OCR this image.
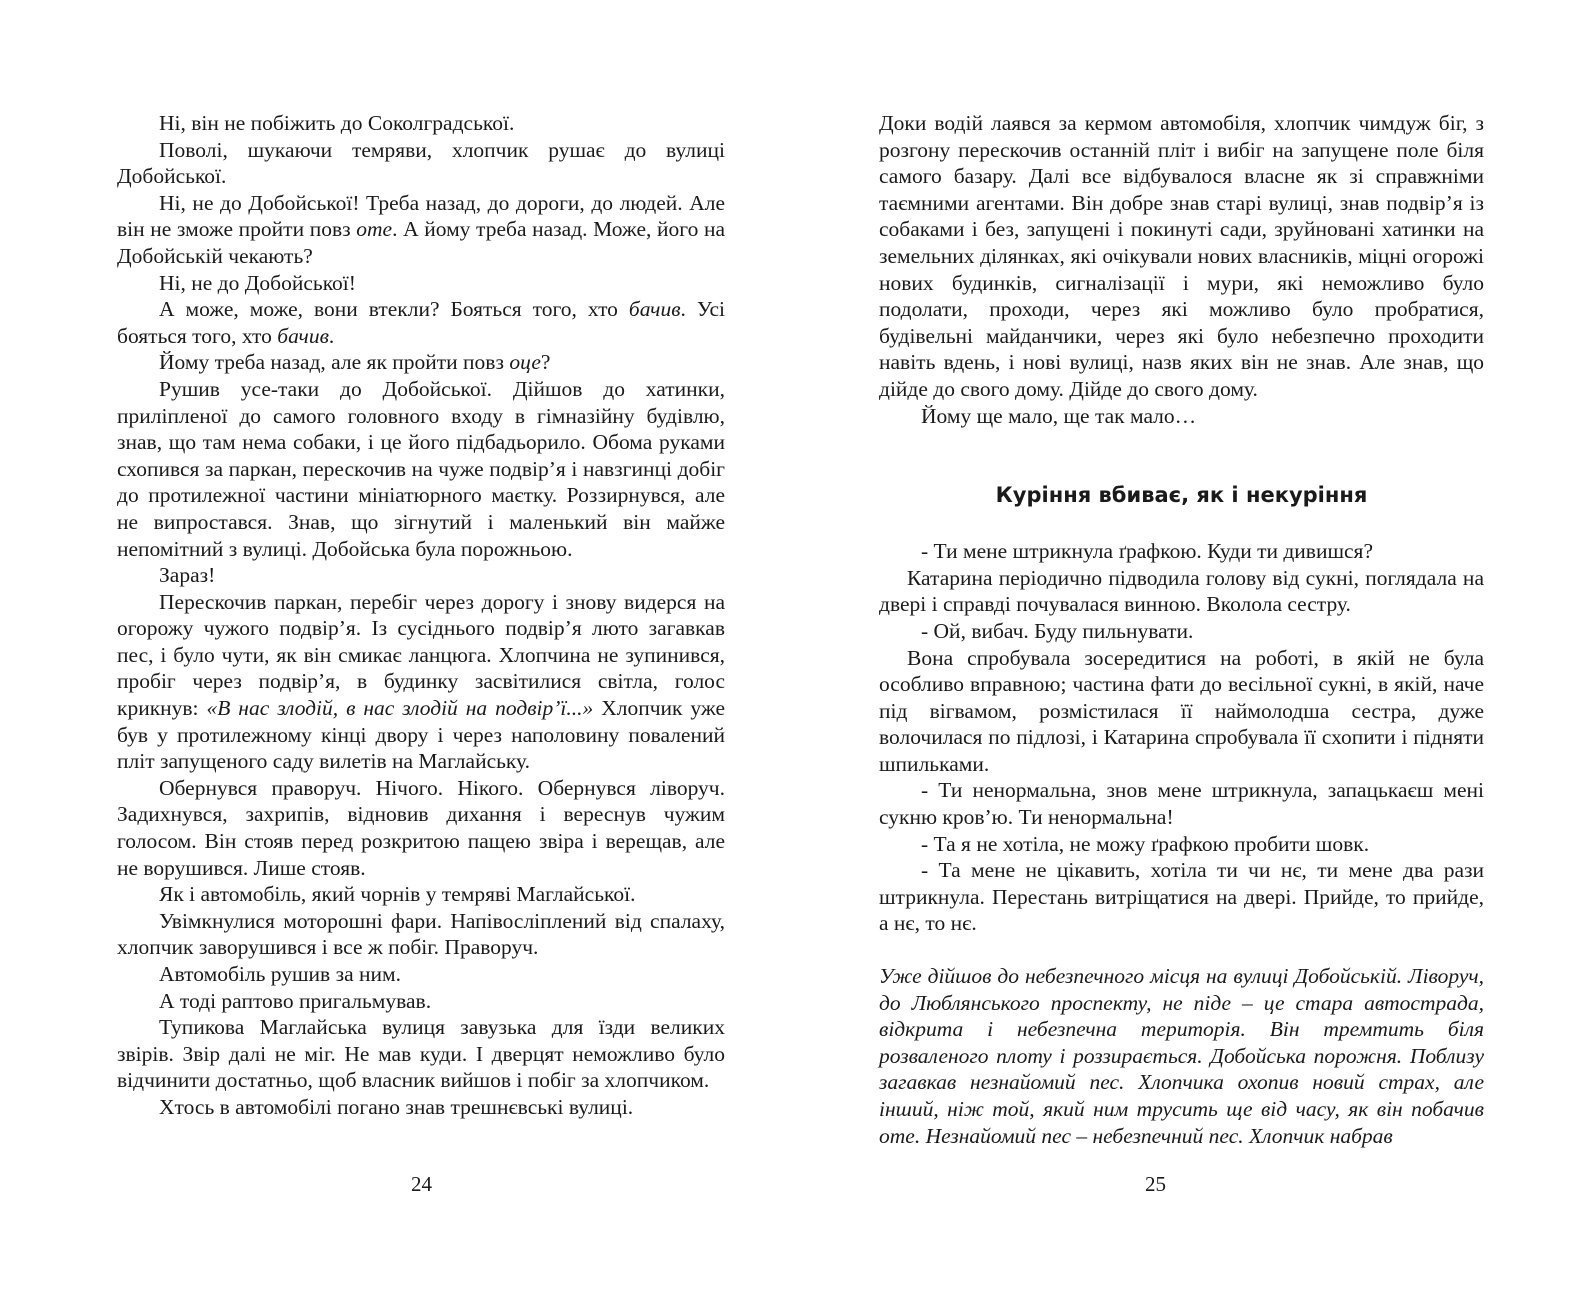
Ні, він не побіжить до Соколградської.

Поволі, шукаючи темряви, хлопчик рушає до вулиці Добойської.

Ні, не до Добойської! Треба назад, до дороги, до людей. Але він не зможе пройти повз оте. А йому треба назад. Може, його на Добойській чекають?

Ні, не до Добойської!

А може, може, вони втекли? Бояться того, хто бачив. Усі бояться того, хто бачив.

Йому треба назад, але як пройти повз оце?

Рушив усе-таки до Добойської. Дійшов до хатинки, приліпленої до самого головного входу в гімназійну будівлю, знав, що там нема собаки, і це його підбадьорило. Обома руками схопився за паркан, перескочив на чуже подвір’я і навзгинці добіг до протилежної частини мініатюрного маєтку. Роззирнувся, але не випростався. Знав, що зігнутий і маленький він майже непомітний з вулиці. Добойська була порожньою.

Зараз!

Перескочив паркан, перебіг через дорогу і знову видерся на огорожу чужого подвір’я. Із сусіднього подвір’я люто загавкав пес, і було чути, як він смикає ланцюга. Хлопчина не зупинився, пробіг через подвір’я, в будинку засвітилися світла, голос крикнув: «В нас злодій, в нас злодій на подвір’ї...» Хлопчик уже був у протилежному кінці двору і через наполовину повалений пліт запущеного саду вилетів на Маглайську.

Обернувся праворуч. Нічого. Нікого. Обернувся ліворуч. Задихнувся, захрипів, відновив дихання і вереснув чужим голосом. Він стояв перед розкритою пащею звіра і верещав, але не ворушився. Лише стояв.

Як і автомобіль, який чорнів у темряві Маглайської.

Увімкнулися моторошні фари. Напівосліплений від спалаху, хлопчик заворушився і все ж побіг. Праворуч.

Автомобіль рушив за ним.

А тоді раптово пригальмував.

Тупикова Маглайська вулиця завузька для їзди великих звірів. Звір далі не міг. Не мав куди. І дверцят неможливо було відчинити достатньо, щоб власник вийшов і побіг за хлопчиком.

Хтось в автомобілі погано знав трешнєвські вулиці.

24

Доки водій лаявся за кермом автомобіля, хлопчик чимдуж біг, з розгону перескочив останній пліт і вибіг на запущене поле біля самого базару. Далі все відбувалося власне як зі справжніми таємними агентами. Він добре знав старі вулиці, знав подвір’я із собаками і без, запущені і покинуті сади, зруйновані хатинки на земельних ділянках, які очікували нових власників, міцні огорожі нових будинків, сигналізації і мури, які неможливо було подолати, проходи, через які можливо було пробратися, будівельні майданчики, через які було небезпечно проходити навіть вдень, і нові вулиці, назв яких він не знав. Але знав, що дійде до свого дому. Дійде до свого дому.

Йому ще мало, ще так мало…

Куріння вбиває, як і некуріння

- Ти мене штрикнула ґрафкою. Куди ти дивишся?

Катарина періодично підводила голову від сукні, поглядала на двері і справді почувалася винною. Вколола сестру.

- Ой, вибач. Буду пильнувати.

Вона спробувала зосередитися на роботі, в якій не була особливо вправною; частина фати до весільної сукні, в якій, наче під вігвамом, розмістилася її наймолодша сестра, дуже волочилася по підлозі, і Катарина спробувала її схопити і підняти шпильками.

- Ти ненормальна, знов мене штрикнула, запацькаєш мені сукню кров’ю. Ти ненормальна!

- Та я не хотіла, не можу ґрафкою пробити шовк.

- Та мене не цікавить, хотіла ти чи нє, ти мене два рази штрикнула. Перестань витріщатися на двері. Прийде, то прийде, а нє, то нє.

Уже дійшов до небезпечного місця на вулиці Добойській. Ліворуч, до Люблянського проспекту, не піде – це стара автострада, відкрита і небезпечна територія. Він тремтить біля розваленого плоту і роззирається. Добойська порожня. Поблизу загавкав незнайомий пес. Хлопчика охопив новий страх, але інший, ніж той, який ним трусить ще від часу, як він побачив оте. Незнайомий пес – небезпечний пес. Хлопчик набрав

25
